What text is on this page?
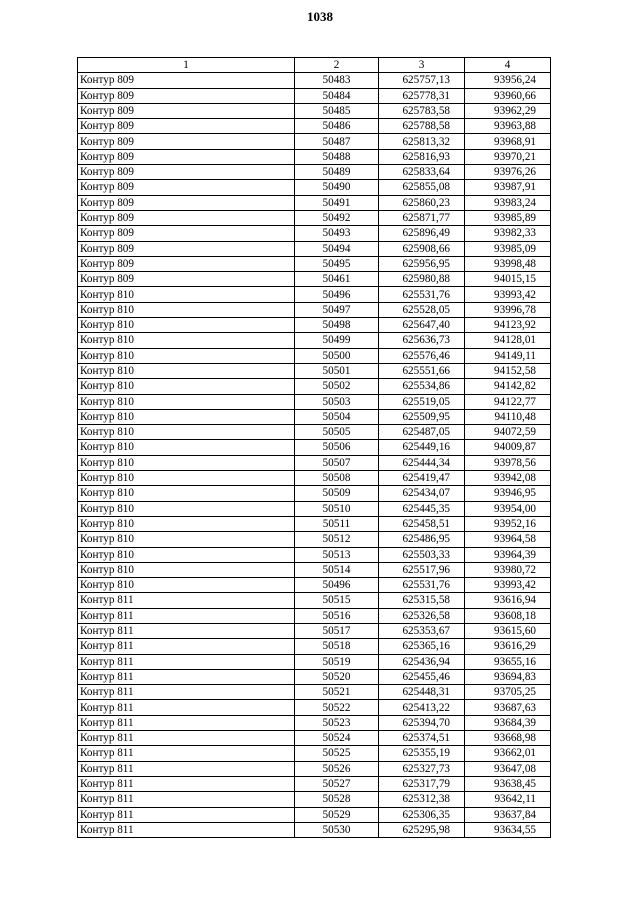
1038
1	2	3	4
Контур 809	50483	625757,13	93956,24
Контур 809	50484	625778,31	93960,66
Контур 809	50485	625783,58	93962,29
Контур 809	50486	625788,58	93963,88
Контур 809	50487	625813,32	93968,91
Контур 809	50488	625816,93	93970,21
Контур 809	50489	625833,64	93976,26
Контур 809	50490	625855,08	93987,91
Контур 809	50491	625860,23	93983,24
Контур 809	50492	625871,77	93985,89
Контур 809	50493	625896,49	93982,33
Контур 809	50494	625908,66	93985,09
Контур 809	50495	625956,95	93998,48
Контур 809	50461	625980,88	94015,15
Контур 810	50496	625531,76	93993,42
Контур 810	50497	625528,05	93996,78
Контур 810	50498	625647,40	94123,92
Контур 810	50499	625636,73	94128,01
Контур 810	50500	625576,46	94149,11
Контур 810	50501	625551,66	94152,58
Контур 810	50502	625534,86	94142,82
Контур 810	50503	625519,05	94122,77
Контур 810	50504	625509,95	94110,48
Контур 810	50505	625487,05	94072,59
Контур 810	50506	625449,16	94009,87
Контур 810	50507	625444,34	93978,56
Контур 810	50508	625419,47	93942,08
Контур 810	50509	625434,07	93946,95
Контур 810	50510	625445,35	93954,00
Контур 810	50511	625458,51	93952,16
Контур 810	50512	625486,95	93964,58
Контур 810	50513	625503,33	93964,39
Контур 810	50514	625517,96	93980,72
Контур 810	50496	625531,76	93993,42
Контур 811	50515	625315,58	93616,94
Контур 811	50516	625326,58	93608,18
Контур 811	50517	625353,67	93615,60
Контур 811	50518	625365,16	93616,29
Контур 811	50519	625436,94	93655,16
Контур 811	50520	625455,46	93694,83
Контур 811	50521	625448,31	93705,25
Контур 811	50522	625413,22	93687,63
Контур 811	50523	625394,70	93684,39
Контур 811	50524	625374,51	93668,98
Контур 811	50525	625355,19	93662,01
Контур 811	50526	625327,73	93647,08
Контур 811	50527	625317,79	93638,45
Контур 811	50528	625312,38	93642,11
Контур 811	50529	625306,35	93637,84
Контур 811	50530	625295,98	93634,55
